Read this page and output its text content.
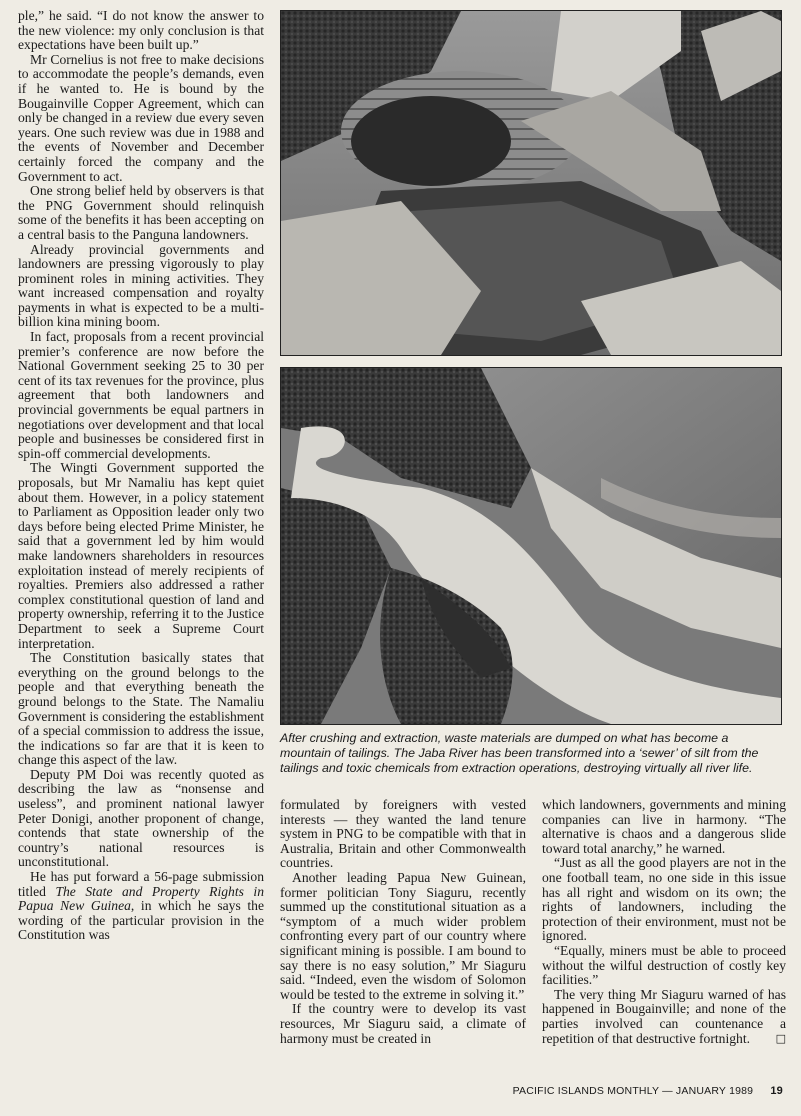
ple,” he said. “I do not know the answer to the new violence: my only conclusion is that expectations have been built up.”

Mr Cornelius is not free to make decisions to accommodate the people’s demands, even if he wanted to. He is bound by the Bougainville Copper Agreement, which can only be changed in a review due every seven years. One such review was due in 1988 and the events of November and December certainly forced the company and the Government to act.

One strong belief held by observers is that the PNG Government should relinquish some of the benefits it has been accepting on a central basis to the Panguna landowners.

Already provincial governments and landowners are pressing vigorously to play prominent roles in mining activities. They want increased compensation and royalty payments in what is expected to be a multi-billion kina mining boom.

In fact, proposals from a recent provincial premier’s conference are now before the National Government seeking 25 to 30 per cent of its tax revenues for the province, plus agreement that both landowners and provincial governments be equal partners in negotiations over development and that local people and businesses be considered first in spin-off commercial developments.

The Wingti Government supported the proposals, but Mr Namaliu has kept quiet about them. However, in a policy statement to Parliament as Opposition leader only two days before being elected Prime Minister, he said that a government led by him would make landowners shareholders in resources exploitation instead of merely recipients of royalties. Premiers also addressed a rather complex constitutional question of land and property ownership, referring it to the Justice Department to seek a Supreme Court interpretation.

The Constitution basically states that everything on the ground belongs to the people and that everything beneath the ground belongs to the State. The Namaliu Government is considering the establishment of a special commission to address the issue, the indications so far are that it is keen to change this aspect of the law.

Deputy PM Doi was recently quoted as describing the law as “nonsense and useless”, and prominent national lawyer Peter Donigi, another proponent of change, contends that state ownership of the country’s national resources is unconstitutional.

He has put forward a 56-page submission titled The State and Property Rights in Papua New Guinea, in which he says the wording of the particular provision in the Constitution was

After crushing and extraction, waste materials are dumped on what has become a mountain of tailings. The Jaba River has been transformed into a ‘sewer’ of silt from the tailings and toxic chemicals from extraction operations, destroying virtually all river life.

formulated by foreigners with vested interests — they wanted the land tenure system in PNG to be compatible with that in Australia, Britain and other Commonwealth countries.

Another leading Papua New Guinean, former politician Tony Siaguru, recently summed up the constitutional situation as a “symptom of a much wider problem confronting every part of our country where significant mining is possible. I am bound to say there is no easy solution,” Mr Siaguru said. “Indeed, even the wisdom of Solomon would be tested to the extreme in solving it.”

If the country were to develop its vast resources, Mr Siaguru said, a climate of harmony must be created in

which landowners, governments and mining companies can live in harmony. “The alternative is chaos and a dangerous slide toward total anarchy,” he warned.

“Just as all the good players are not in the one football team, no one side in this issue has all right and wisdom on its own; the rights of landowners, including the protection of their environment, must not be ignored.

“Equally, miners must be able to proceed without the wilful destruction of costly key facilities.”

The very thing Mr Siaguru warned of has happened in Bougainville; and none of the parties involved can countenance a repetition of that destructive fortnight.	□

PACIFIC ISLANDS MONTHLY — JANUARY 1989 19
